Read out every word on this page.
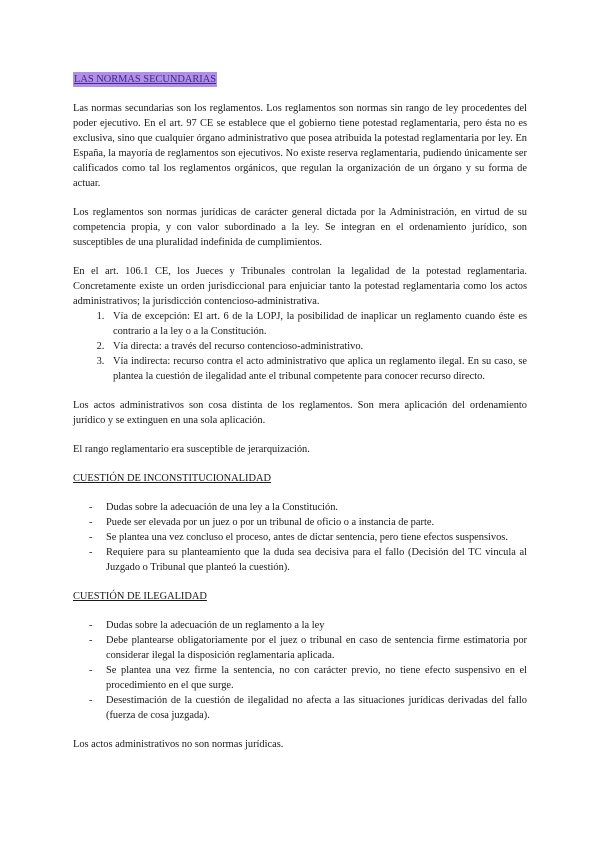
LAS NORMAS SECUNDARIAS

Las normas secundarias son los reglamentos. Los reglamentos son normas sin rango de ley procedentes del poder ejecutivo. En el art. 97 CE se establece que el gobierno tiene potestad reglamentaria, pero ésta no es exclusiva, sino que cualquier órgano administrativo que posea atribuida la potestad reglamentaria por ley. En España, la mayoría de reglamentos son ejecutivos. No existe reserva reglamentaria, pudiendo únicamente ser calificados como tal los reglamentos orgánicos, que regulan la organización de un órgano y su forma de actuar.

Los reglamentos son normas jurídicas de carácter general dictada por la Administración, en virtud de su competencia propia, y con valor subordinado a la ley. Se integran en el ordenamiento jurídico, son susceptibles de una pluralidad indefinida de cumplimientos.

En el art. 106.1 CE, los Jueces y Tribunales controlan la legalidad de la potestad reglamentaria. Concretamente existe un orden jurisdiccional para enjuiciar tanto la potestad reglamentaria como los actos administrativos; la jurisdicción contencioso-administrativa.

1. Vía de excepción: El art. 6 de la LOPJ, la posibilidad de inaplicar un reglamento cuando éste es contrario a la ley o a la Constitución.
2. Vía directa: a través del recurso contencioso-administrativo.
3. Vía indirecta: recurso contra el acto administrativo que aplica un reglamento ilegal. En su caso, se plantea la cuestión de ilegalidad ante el tribunal competente para conocer recurso directo.

Los actos administrativos son cosa distinta de los reglamentos. Son mera aplicación del ordenamiento jurídico y se extinguen en una sola aplicación.

El rango reglamentario era susceptible de jerarquización.

CUESTIÓN DE INCONSTITUCIONALIDAD

- Dudas sobre la adecuación de una ley a la Constitución.
- Puede ser elevada por un juez o por un tribunal de oficio o a instancia de parte.
- Se plantea una vez concluso el proceso, antes de dictar sentencia, pero tiene efectos suspensivos.
- Requiere para su planteamiento que la duda sea decisiva para el fallo (Decisión del TC vincula al Juzgado o Tribunal que planteó la cuestión).

CUESTIÓN DE ILEGALIDAD

- Dudas sobre la adecuación de un reglamento a la ley
- Debe plantearse obligatoriamente por el juez o tribunal en caso de sentencia firme estimatoria por considerar ilegal la disposición reglamentaria aplicada.
- Se plantea una vez firme la sentencia, no con carácter previo, no tiene efecto suspensivo en el procedimiento en el que surge.
- Desestimación de la cuestión de ilegalidad no afecta a las situaciones jurídicas derivadas del fallo (fuerza de cosa juzgada).

Los actos administrativos no son normas jurídicas.
